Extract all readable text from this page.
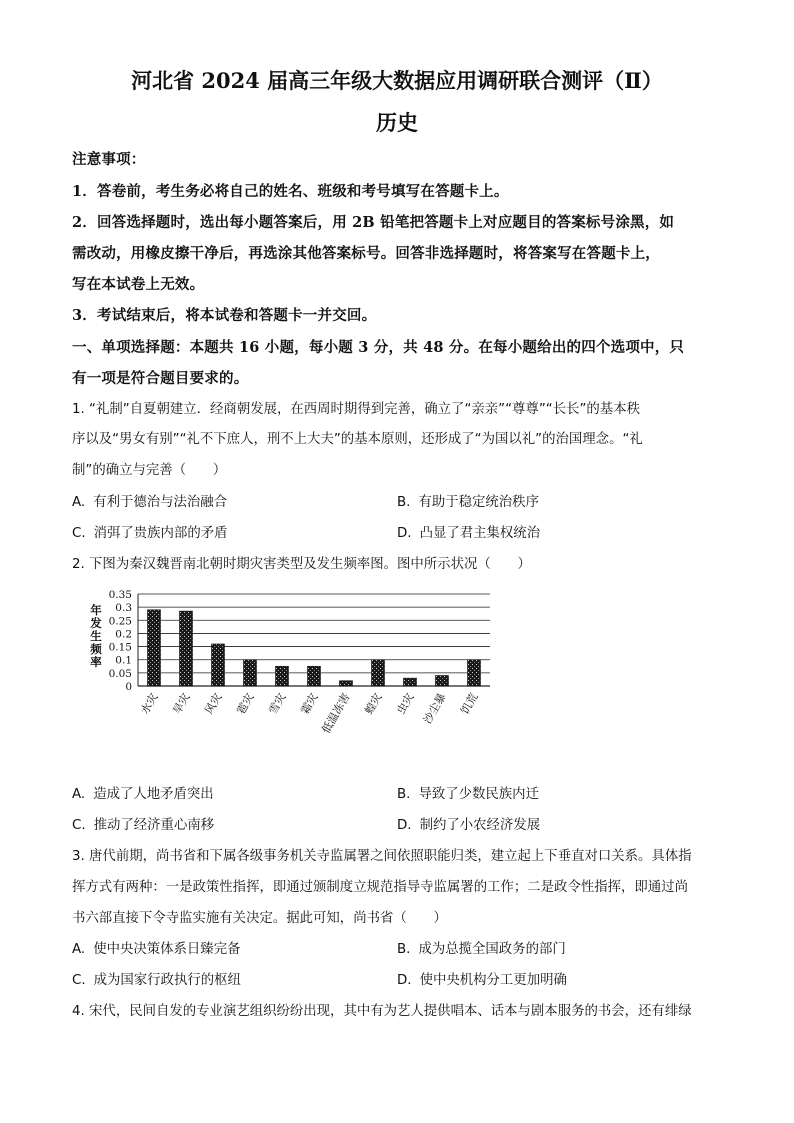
河北省 2024 届高三年级大数据应用调研联合测评（Ⅱ）
历史
注意事项：
1．答卷前，考生务必将自己的姓名、班级和考号填写在答题卡上。
2．回答选择题时，选出每小题答案后，用 2B 铅笔把答题卡上对应题目的答案标号涂黑，如
需改动，用橡皮擦干净后，再选涂其他答案标号。回答非选择题时，将答案写在答题卡上，
写在本试卷上无效。
3．考试结束后，将本试卷和答题卡一并交回。
一、单项选择题：本题共 16 小题，每小题 3 分，共 48 分。在每小题给出的四个选项中，只
有一项是符合题目要求的。
1. “礼制”自夏朝建立．经商朝发展，在西周时期得到完善，确立了“亲亲”“尊尊”“长长”的基本秩
序以及“男女有别”“礼不下庶人，刑不上大夫”的基本原则，还形成了“为国以礼”的治国理念。“礼
制”的确立与完善（　　）
A. 有利于德治与法治融合	B. 有助于稳定统治秩序
C. 消弭了贵族内部的矛盾	D. 凸显了君主集权统治
2. 下图为秦汉魏晋南北朝时期灾害类型及发生频率图。图中所示状况（　　）
年
发
生
频
率
0
0.05
0.1
0.15
0.2
0.25
0.3
0.35
水灾 旱灾 风灾 雹灾 雪灾 霜灾
低温冻害 蝗灾 虫灾 沙尘暴 饥荒
A. 造成了人地矛盾突出	B. 导致了少数民族内迁
C. 推动了经济重心南移	D. 制约了小农经济发展
3. 唐代前期，尚书省和下属各级事务机关寺监属署之间依照职能归类，建立起上下垂直对口关系。具体指
挥方式有两种：一是政策性指挥，即通过颁制度立规范指导寺监属署的工作；二是政令性指挥，即通过尚
书六部直接下令寺监实施有关决定。据此可知，尚书省（　　）
A. 使中央决策体系日臻完备	B. 成为总揽全国政务的部门
C. 成为国家行政执行的枢纽	D. 使中央机构分工更加明确
4. 宋代，民间自发的专业演艺组织纷纷出现，其中有为艺人提供唱本、话本与剧本服务的书会，还有绯绿
